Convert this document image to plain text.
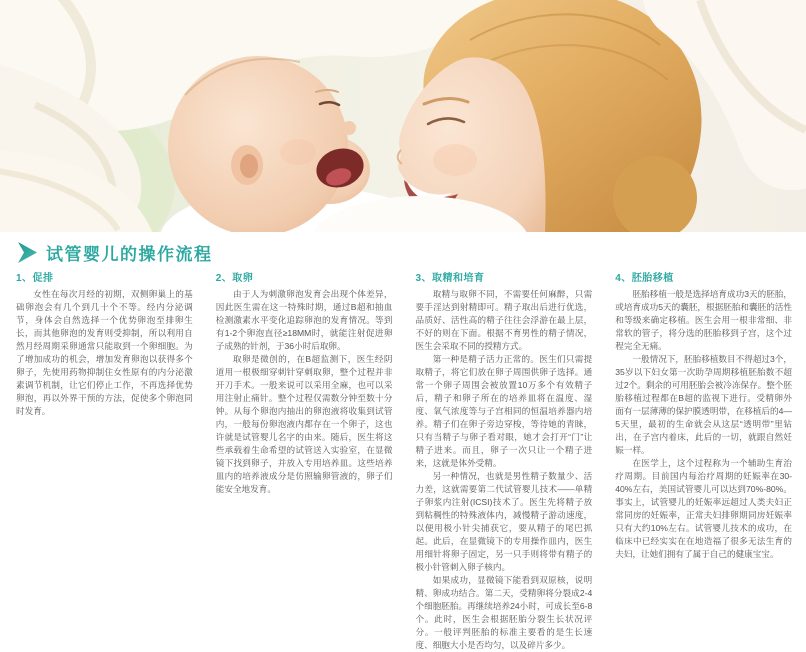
试管婴儿的操作流程
1、促排

女性在每次月经的初期，双侧卵巢上的基础卵泡会有几个到几十个不等。经内分泌调节，身体会自然选择一个优势卵泡至排卵生长，而其他卵泡的发育则受抑制，所以利用自然月经周期采卵通常只能取到一个卵细胞。为了增加成功的机会，增加发育卵泡以获得多个卵子，先使用药物抑制住女性原有的内分泌激素调节机制，让它们停止工作，不再选择优势卵泡，再以外界干预的方法，促使多个卵泡同时发育。

2、取卵

由于人为刺激卵泡发育会出现个体差异，因此医生需在这一特殊时期，通过B超和抽血检测激素水平变化追踪卵泡的发育情况。等到有1-2个卵泡直径≥18MM时，就能注射促进卵子成熟的针剂，于36小时后取卵。

取卵是微创的，在B超监测下，医生经阴道用一根极细穿刺针穿刺取卵，整个过程并非开刀手术。一般来说可以采用全麻，也可以采用注射止痛针。整个过程仅需数分钟至数十分钟。从每个卵泡内抽出的卵泡液将收集到试管内，一般每份卵泡液内都存在一个卵子，这也许就是试管婴儿名字的由来。随后，医生将这些承载着生命希望的试管送入实验室，在显微镜下找到卵子，并放入专用培养皿。这些培养皿内的培养液成分是仿照输卵管液的，卵子们能安全地发育。

3、取精和培育

取精与取卵不同，不需要任何麻醉，只需要手淫达到射精即可。精子取出后进行优选，品质好、活性高的精子往往会浮游在最上层，不好的则在下面。根据不育男性的精子情况，医生会采取不同的授精方式。

第一种是精子活力正常的。医生们只需提取精子，将它们放在卵子周围供卵子选择。通常一个卵子周围会被放置10万多个有效精子后，精子和卵子所在的培养皿将在温度、湿度、氧气浓度等与子宫相同的恒温培养器内培养。精子们在卵子旁边穿梭，等待她的青睐，只有当精子与卵子看对眼，她才会打开“门”让精子进来。而且，卵子一次只让一个精子进来，这就是体外受精。

另一种情况，也就是男性精子数量少、活力差，这就需要第二代试管婴儿技术——单精子卵浆内注射(ICSI)技术了。医生先将精子放到粘稠性的特殊液体内，减慢精子游动速度，以便用极小针尖捕获它，要从精子的尾巴抓起。此后，在显微镜下的专用操作皿内，医生用细针将卵子固定，另一只手则将带有精子的极小针管刺入卵子核内。

如果成功，显微镜下能看到双原核，说明精、卵成功结合。第二天，受精卵将分裂成2-4个细胞胚胎。再继续培养24小时，可成长至6-8个。此时，医生会根据胚胎分裂生长状况评分。一般评判胚胎的标准主要看的是生长速度、细胞大小是否均匀，以及碎片多少。

4、胚胎移植

胚胎移植一般是选择培育成功3天的胚胎，或培育成功5天的囊胚，根据胚胎和囊胚的活性和等级来确定移植。医生会用一根非常细、非常软的管子，将分选的胚胎移到子宫，这个过程完全无痛。

一般情况下，胚胎移植数目不得超过3个，35岁以下妇女第一次助孕周期移植胚胎数不超过2个。剩余的可用胚胎会被冷冻保存。整个胚胎移植过程都在B超的监视下进行。受精卵外面有一层薄薄的保护膜透明带，在移植后的4—5天里，最初的生命就会从这层“透明带”里钻出，在子宫内着床，此后的一切，就跟自然妊娠一样。

在医学上，这个过程称为一个辅助生育治疗周期。目前国内每治疗周期的妊娠率在30-40%左右，美国试管婴儿可以达到70%-80%。事实上，试管婴儿的妊娠率远超过人类夫妇正常同房的妊娠率，正常夫妇排卵期同房妊娠率只有大约10%左右。试管婴儿技术的成功，在临床中已经实实在在地造福了很多无法生育的夫妇，让她们拥有了属于自己的健康宝宝。
